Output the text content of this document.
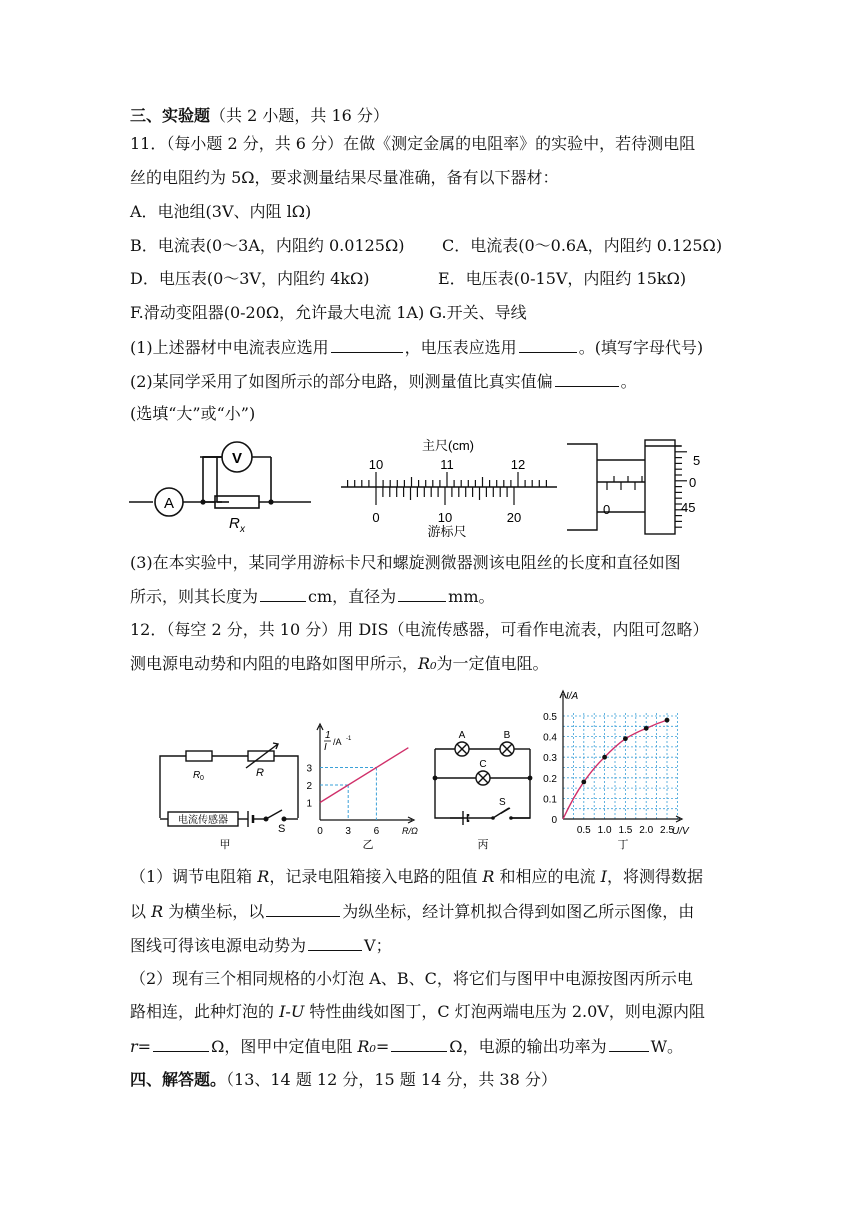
三、实验题（共 2 小题，共 16 分）
11．（每小题 2 分，共 6 分）在做《测定金属的电阻率》的实验中，若待测电阻
丝的电阻约为 5Ω，要求测量结果尽量准确，备有以下器材：
A．电池组(3V、内阻 lΩ)
B．电流表(0～3A，内阻约 0.0125Ω) C．电流表(0～0.6A，内阻约 0.125Ω)
D．电压表(0～3V，内阻约 4kΩ)	E．电压表(0-15V，内阻约 15kΩ)
F.滑动变阻器(0-20Ω，允许最大电流 1A) G.开关、导线
(1)上述器材中电流表应选用	，电压表应选用	。(填写字母代号)
(2)某同学采用了如图所示的部分电路，则测量值比真实值偏	。
(选填“大”或“小”)
A
V
R x
主尺(cm)
10	11	12
0	10	20
游标尺
5
0
45
0
(3)在本实验中，某同学用游标卡尺和螺旋测微器测该电阻丝的长度和直径如图
所示，则其长度为	cm，直径为	mm。
12．（每空 2 分，共 10 分）用 DIS（电流传感器，可看作电流表，内阻可忽略）
测电源电动势和内阻的电路如图甲所示，R₀为一定值电阻。
R 0	R
电流传感器
S
甲
1
I /A -1
1
2
3
0 3 6	R/Ω
乙
A	B
C
S
丙
I/A
U/V
0.5
0.4
0.3
0.2
0.1
0
0.5 1.0 1.5 2.0 2.5
丁
（1）调节电阻箱 R，记录电阻箱接入电路的阻值 R 和相应的电流 I，将测得数据
以 R 为横坐标，以	为纵坐标，经计算机拟合得到如图乙所示图像，由
图线可得该电源电动势为	V；
（2）现有三个相同规格的小灯泡 A、B、C，将它们与图甲中电源按图丙所示电
路相连，此种灯泡的 I-U 特性曲线如图丁，C 灯泡两端电压为 2.0V，则电源内阻
r=	Ω，图甲中定值电阻 R₀=	Ω，电源的输出功率为	W。
四、解答题。（13、14 题 12 分，15 题 14 分，共 38 分）
